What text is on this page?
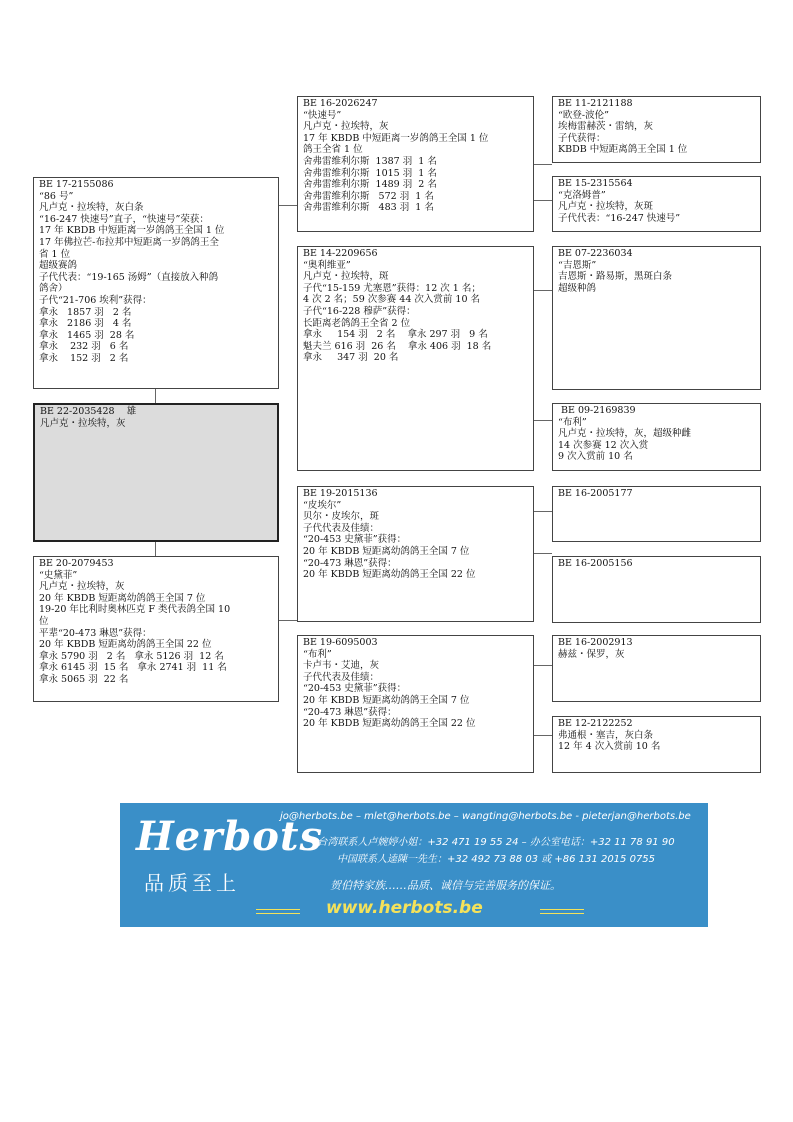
BE 17-2155086
“86 号”
凡卢克・拉埃特，灰白条
“16-247 快速号”直子，“快速号”荣获：
17 年 KBDB 中短距离一岁鸽鸽王全国 1 位
17 年佛拉芒-布拉邦中短距离一岁鸽鸽王全
省 1 位
超级赛鸽
子代代表：“19-165 汤姆”（直接放入种鸽
鸽舍）
子代“21-706 埃利”获得：
拿永   1857 羽   2 名
拿永   2186 羽   4 名
拿永   1465 羽  28 名
拿永    232 羽   6 名
拿永    152 羽   2 名
BE 22-2035428    雄
凡卢克・拉埃特，灰
BE 20-2079453
“史黛菲”
凡卢克・拉埃特，灰
20 年 KBDB 短距离幼鸽鸽王全国 7 位
19-20 年比利时奥林匹克 F 类代表鸽全国 10
位
平辈“20-473 琳恩”获得：
20 年 KBDB 短距离幼鸽鸽王全国 22 位
拿永 5790 羽   2 名   拿永 5126 羽  12 名
拿永 6145 羽  15 名   拿永 2741 羽  11 名
拿永 5065 羽  22 名
BE 16-2026247
“快速号”
凡卢克・拉埃特，灰
17 年 KBDB 中短距离一岁鸽鸽王全国 1 位
鸽王全省 1 位
舍弗雷维利尔斯  1387 羽  1 名
舍弗雷维利尔斯  1015 羽  1 名
舍弗雷维利尔斯  1489 羽  2 名
舍弗雷维利尔斯   572 羽  1 名
舍弗雷维利尔斯   483 羽  1 名
BE 14-2209656
“奥利维亚”
凡卢克・拉埃特，斑
子代“15-159 尤塞恩”获得：12 次 1 名；
4 次 2 名；59 次参赛 44 次入赏前 10 名
子代“16-228 穆萨”获得：
长距离老鸽鸽王全省 2 位
拿永     154 羽   2 名    拿永 297 羽   9 名
魁夫兰 616 羽  26 名    拿永 406 羽  18 名
拿永     347 羽  20 名
BE 19-2015136
“皮埃尔”
贝尔・皮埃尔，斑
子代代表及佳绩：
“20-453 史黛菲”获得：
20 年 KBDB 短距离幼鸽鸽王全国 7 位
“20-473 琳恩”获得：
20 年 KBDB 短距离幼鸽鸽王全国 22 位
BE 19-6095003
“布利”
卡卢韦・艾迪，灰
子代代表及佳绩：
“20-453 史黛菲”获得：
20 年 KBDB 短距离幼鸽鸽王全国 7 位
“20-473 琳恩”获得：
20 年 KBDB 短距离幼鸽鸽王全国 22 位
BE 11-2121188
“欧登-波伦”
埃梅雷赫茨・雷纳，灰
子代获得：
KBDB 中短距离鸽王全国 1 位
BE 15-2315564
“克洛姆普”
凡卢克・拉埃特，灰斑
子代代表：“16-247 快速号”
BE 07-2236034
“吉恩斯”
吉恩斯・路易斯，黑斑白条
超级种鸽
BE 09-2169839
“布利”
凡卢克・拉埃特，灰，超级种雌
14 次参赛 12 次入赏
9 次入赏前 10 名
BE 16-2005177
BE 16-2005156
BE 16-2002913
赫兹・保罗，灰
BE 12-2122252
弗通根・塞吉，灰白条
12 年 4 次入赏前 10 名
Herbots
品质至上
jo@herbots.be – mlet@herbots.be – wangting@herbots.be - pieterjan@herbots.be
台湾联系人卢婉婷小姐：+32 471 19 55 24 – 办公室电话：+32 11 78 91 90
中国联系人逵陳一先生：+32 492 73 88 03 或 +86 131 2015 0755
贺伯特家族……品质、诚信与完善服务的保证。
www.herbots.be
